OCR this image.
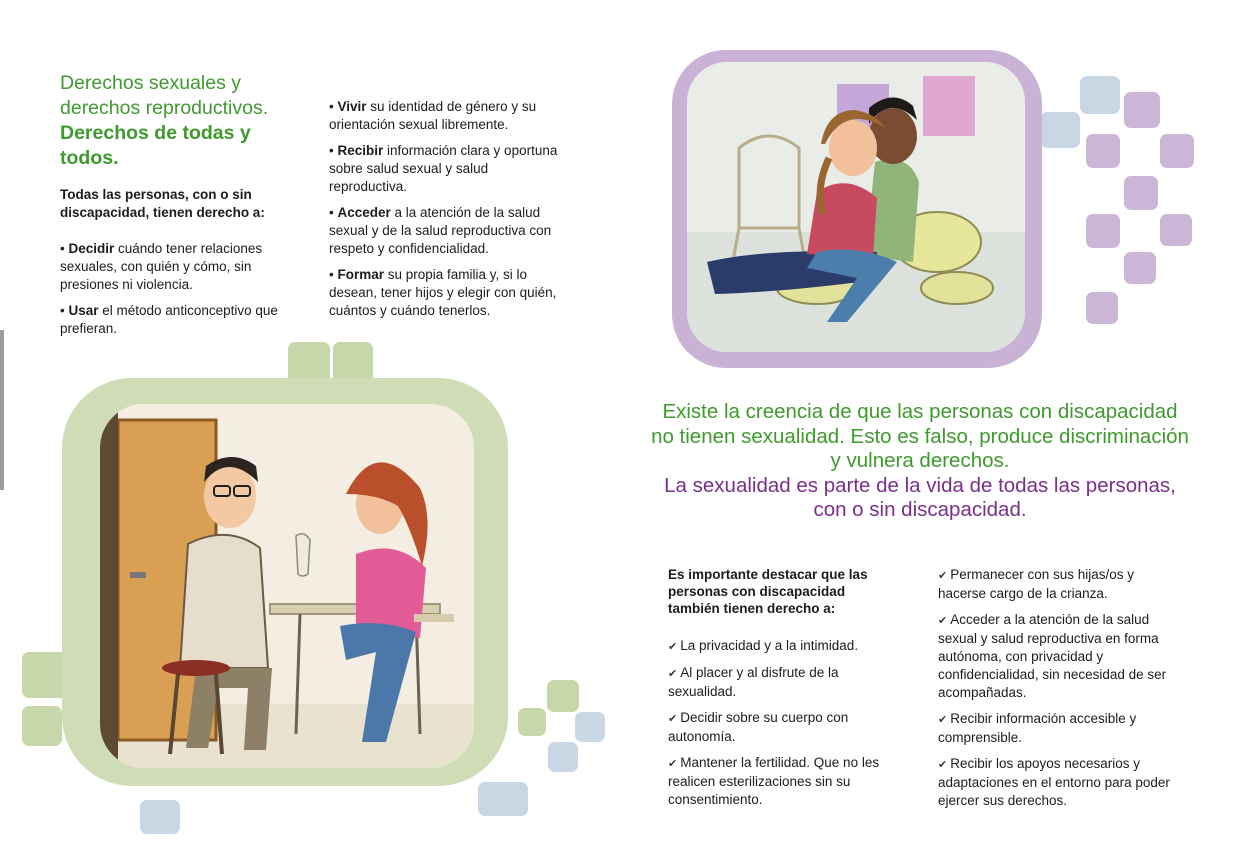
Derechos sexuales y derechos reproductivos.
Derechos de todas y todos.
Todas las personas, con o sin discapacidad, tienen derecho a:
• Decidir cuándo tener relaciones sexuales, con quién y cómo, sin presiones ni violencia.
• Usar el método anticonceptivo que prefieran.
• Vivir su identidad de género y su orientación sexual libremente.
• Recibir información clara y oportuna sobre salud sexual y salud reproductiva.
• Acceder a la atención de la salud sexual y de la salud reproductiva con respeto y confidencialidad.
• Formar su propia familia y, si lo desean, tener hijos y elegir con quién, cuántos y cuándo tenerlos.
Existe la creencia de que las personas con discapacidad no tienen sexualidad. Esto es falso, produce discriminación y vulnera derechos.
La sexualidad es parte de la vida de todas las personas, con o sin discapacidad.
Es importante destacar que las personas con discapacidad también tienen derecho a:
✔ La privacidad y a la intimidad.
✔ Al placer y al disfrute de la sexualidad.
✔ Decidir sobre su cuerpo con autonomía.
✔ Mantener la fertilidad. Que no les realicen esterilizaciones sin su consentimiento.
✔ Permanecer con sus hijas/os y hacerse cargo de la crianza.
✔ Acceder a la atención de la salud sexual y salud reproductiva en forma autónoma, con privacidad y confidencialidad, sin necesidad de ser acompañadas.
✔ Recibir información accesible y comprensible.
✔ Recibir los apoyos necesarios y adaptaciones en el entorno para poder ejercer sus derechos.
